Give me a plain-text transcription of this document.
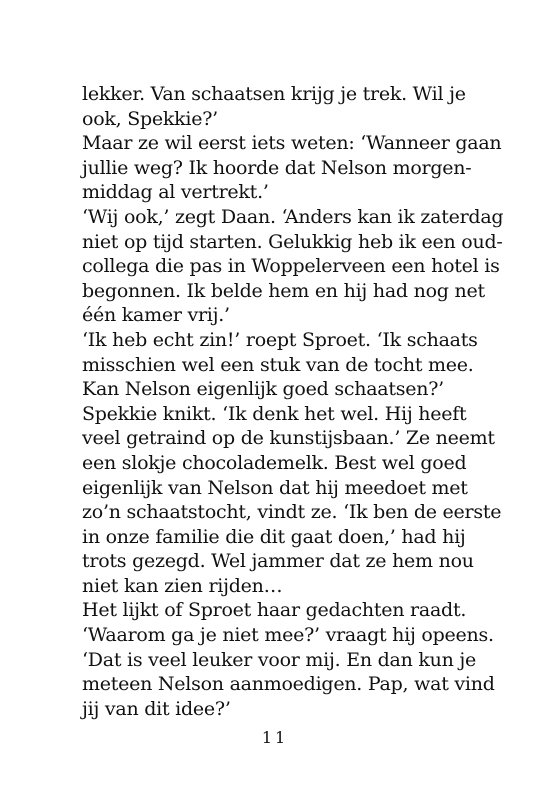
lekker. Van schaatsen krijg je trek. Wil je
ook, Spekkie?’
Maar ze wil eerst iets weten: ‘Wanneer gaan
jullie weg? Ik hoorde dat Nelson morgen-
middag al vertrekt.’
‘Wij ook,’ zegt Daan. ‘Anders kan ik zaterdag
niet op tijd starten. Gelukkig heb ik een oud-
collega die pas in Woppelerveen een hotel is
begonnen. Ik belde hem en hij had nog net
één kamer vrij.’
‘Ik heb echt zin!’ roept Sproet. ‘Ik schaats
misschien wel een stuk van de tocht mee.
Kan Nelson eigenlijk goed schaatsen?’
Spekkie knikt. ‘Ik denk het wel. Hij heeft
veel getraind op de kunstijsbaan.’ Ze neemt
een slokje chocolademelk. Best wel goed
eigenlijk van Nelson dat hij meedoet met
zo’n schaatstocht, vindt ze. ‘Ik ben de eerste
in onze familie die dit gaat doen,’ had hij
trots gezegd. Wel jammer dat ze hem nou
niet kan zien rijden…
Het lijkt of Sproet haar gedachten raadt.
‘Waarom ga je niet mee?’ vraagt hij opeens.
‘Dat is veel leuker voor mij. En dan kun je
meteen Nelson aanmoedigen. Pap, wat vind
jij van dit idee?’
11
